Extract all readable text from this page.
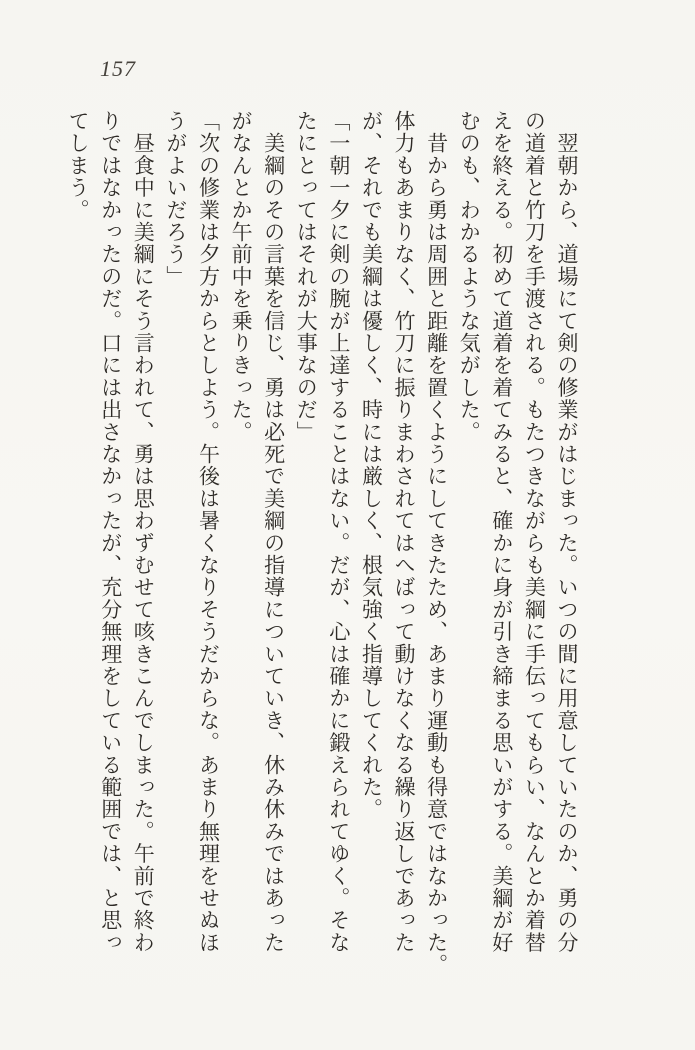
157

　翌朝から、道場にて剣の修業がはじまった。いつの間に用意していたのか、勇の分

の道着と竹刀を手渡される。もたつきながらも美綱に手伝ってもらい、なんとか着替

えを終える。初めて道着を着てみると、確かに身が引き締まる思いがする。美綱が好

むのも、わかるような気がした。

　昔から勇は周囲と距離を置くようにしてきたため、あまり運動も得意ではなかった。

体力もあまりなく、竹刀に振りまわされてはへばって動けなくなる繰り返しであった

が、それでも美綱は優しく、時には厳しく、根気強く指導してくれた。

「一朝一夕に剣の腕が上達することはない。だが、心は確かに鍛えられてゆく。そな

たにとってはそれが大事なのだ」

　美綱のその言葉を信じ、勇は必死で美綱の指導についていき、休み休みではあった

がなんとか午前中を乗りきった。

「次の修業は夕方からとしよう。午後は暑くなりそうだからな。あまり無理をせぬほ

うがよいだろう」

　昼食中に美綱にそう言われて、勇は思わずむせて咳きこんでしまった。午前で終わ

りではなかったのだ。口には出さなかったが、充分無理をしている範囲では、と思っ

てしまう。
